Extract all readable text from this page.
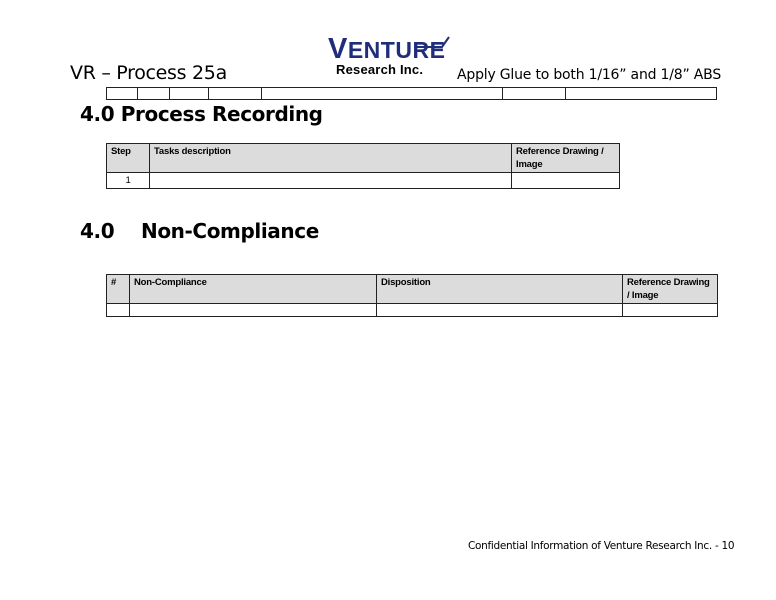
VR – Process 25a
VENTURE
Research Inc. Apply Glue to both 1/16” and 1/8” ABS
4.0 Process Recording
Step	Tasks description	Reference Drawing / Image
1		
4.0 Non-Compliance
#	Non-Compliance	Disposition	Reference Drawing / Image

Confidential Information of Venture Research Inc. - 10
